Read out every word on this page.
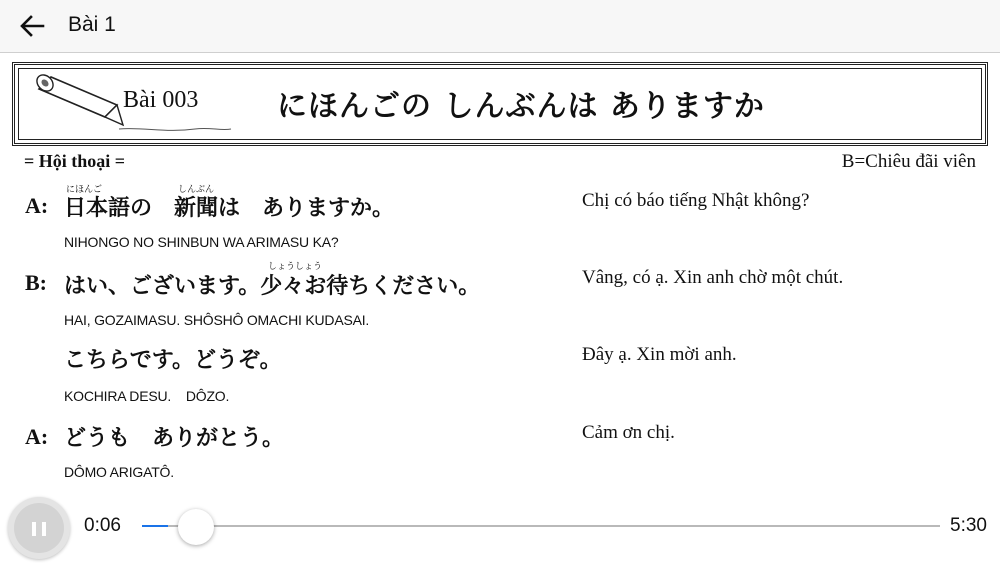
Bài 1
Bài 003	にほんごの しんぶんは ありますか
= Hội thoại =	B=Chiêu đãi viên
にほんご	しんぶん
A: 日本語の　新聞は　ありますか。	Chị có báo tiếng Nhật không?
NIHONGO NO SHINBUN WA ARIMASU KA?
しょうしょう
B: はい、ございます。少々お待ちください。	Vâng, có ạ. Xin anh chờ một chút.
HAI, GOZAIMASU. SHÔSHÔ OMACHI KUDASAI.
こちらです。どうぞ。	Đây ạ. Xin mời anh.
KOCHIRA DESU.    DÔZO.
A: どうも　ありがとう。	Cảm ơn chị.
DÔMO ARIGATÔ.
0:06	5:30
